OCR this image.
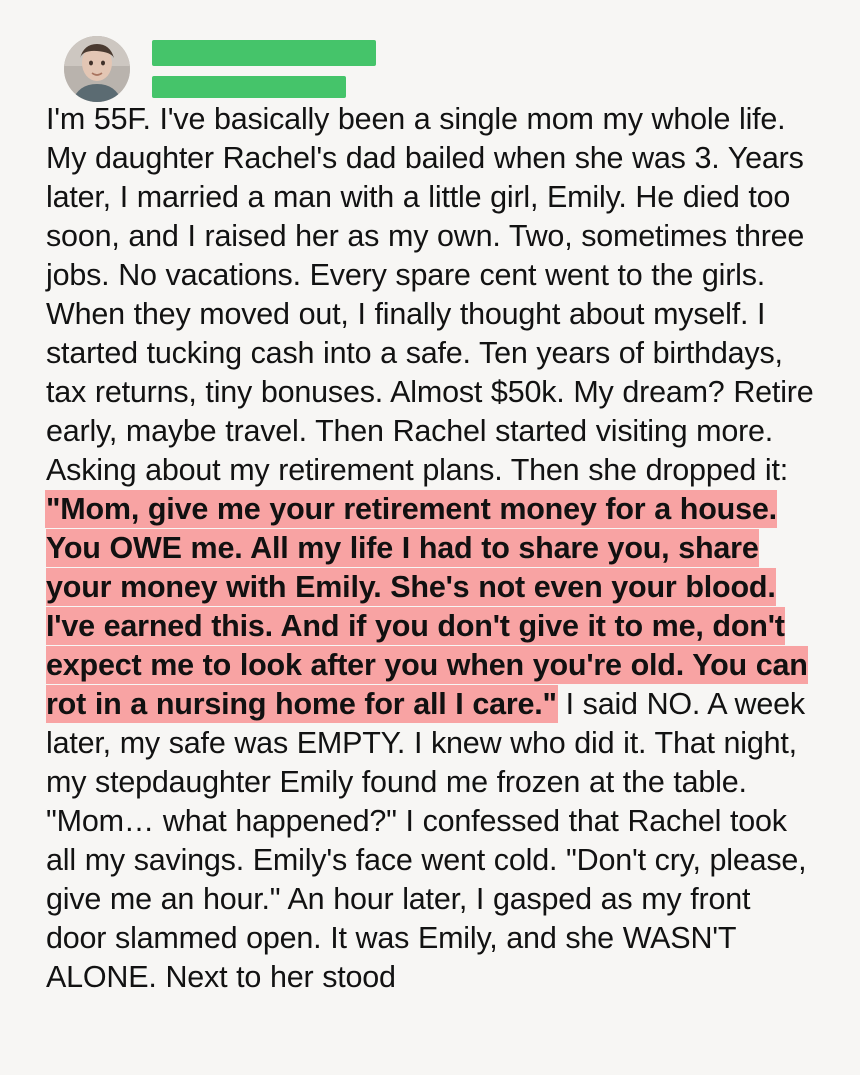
I'm 55F. I've basically been a single mom my whole life. My daughter Rachel's dad bailed when she was 3. Years later, I married a man with a little girl, Emily. He died too soon, and I raised her as my own. Two, sometimes three jobs. No vacations. Every spare cent went to the girls. When they moved out, I finally thought about myself. I started tucking cash into a safe. Ten years of birthdays, tax returns, tiny bonuses. Almost $50k. My dream? Retire early, maybe travel. Then Rachel started visiting more. Asking about my retirement plans. Then she dropped it: "Mom, give me your retirement money for a house. You OWE me. All my life I had to share you, share your money with Emily. She's not even your blood. I've earned this. And if you don't give it to me, don't expect me to look after you when you're old. You can rot in a nursing home for all I care." I said NO. A week later, my safe was EMPTY. I knew who did it. That night, my stepdaughter Emily found me frozen at the table. "Mom… what happened?" I confessed that Rachel took all my savings. Emily's face went cold. "Don't cry, please, give me an hour." An hour later, I gasped as my front door slammed open. It was Emily, and she WASN'T ALONE. Next to her stood
